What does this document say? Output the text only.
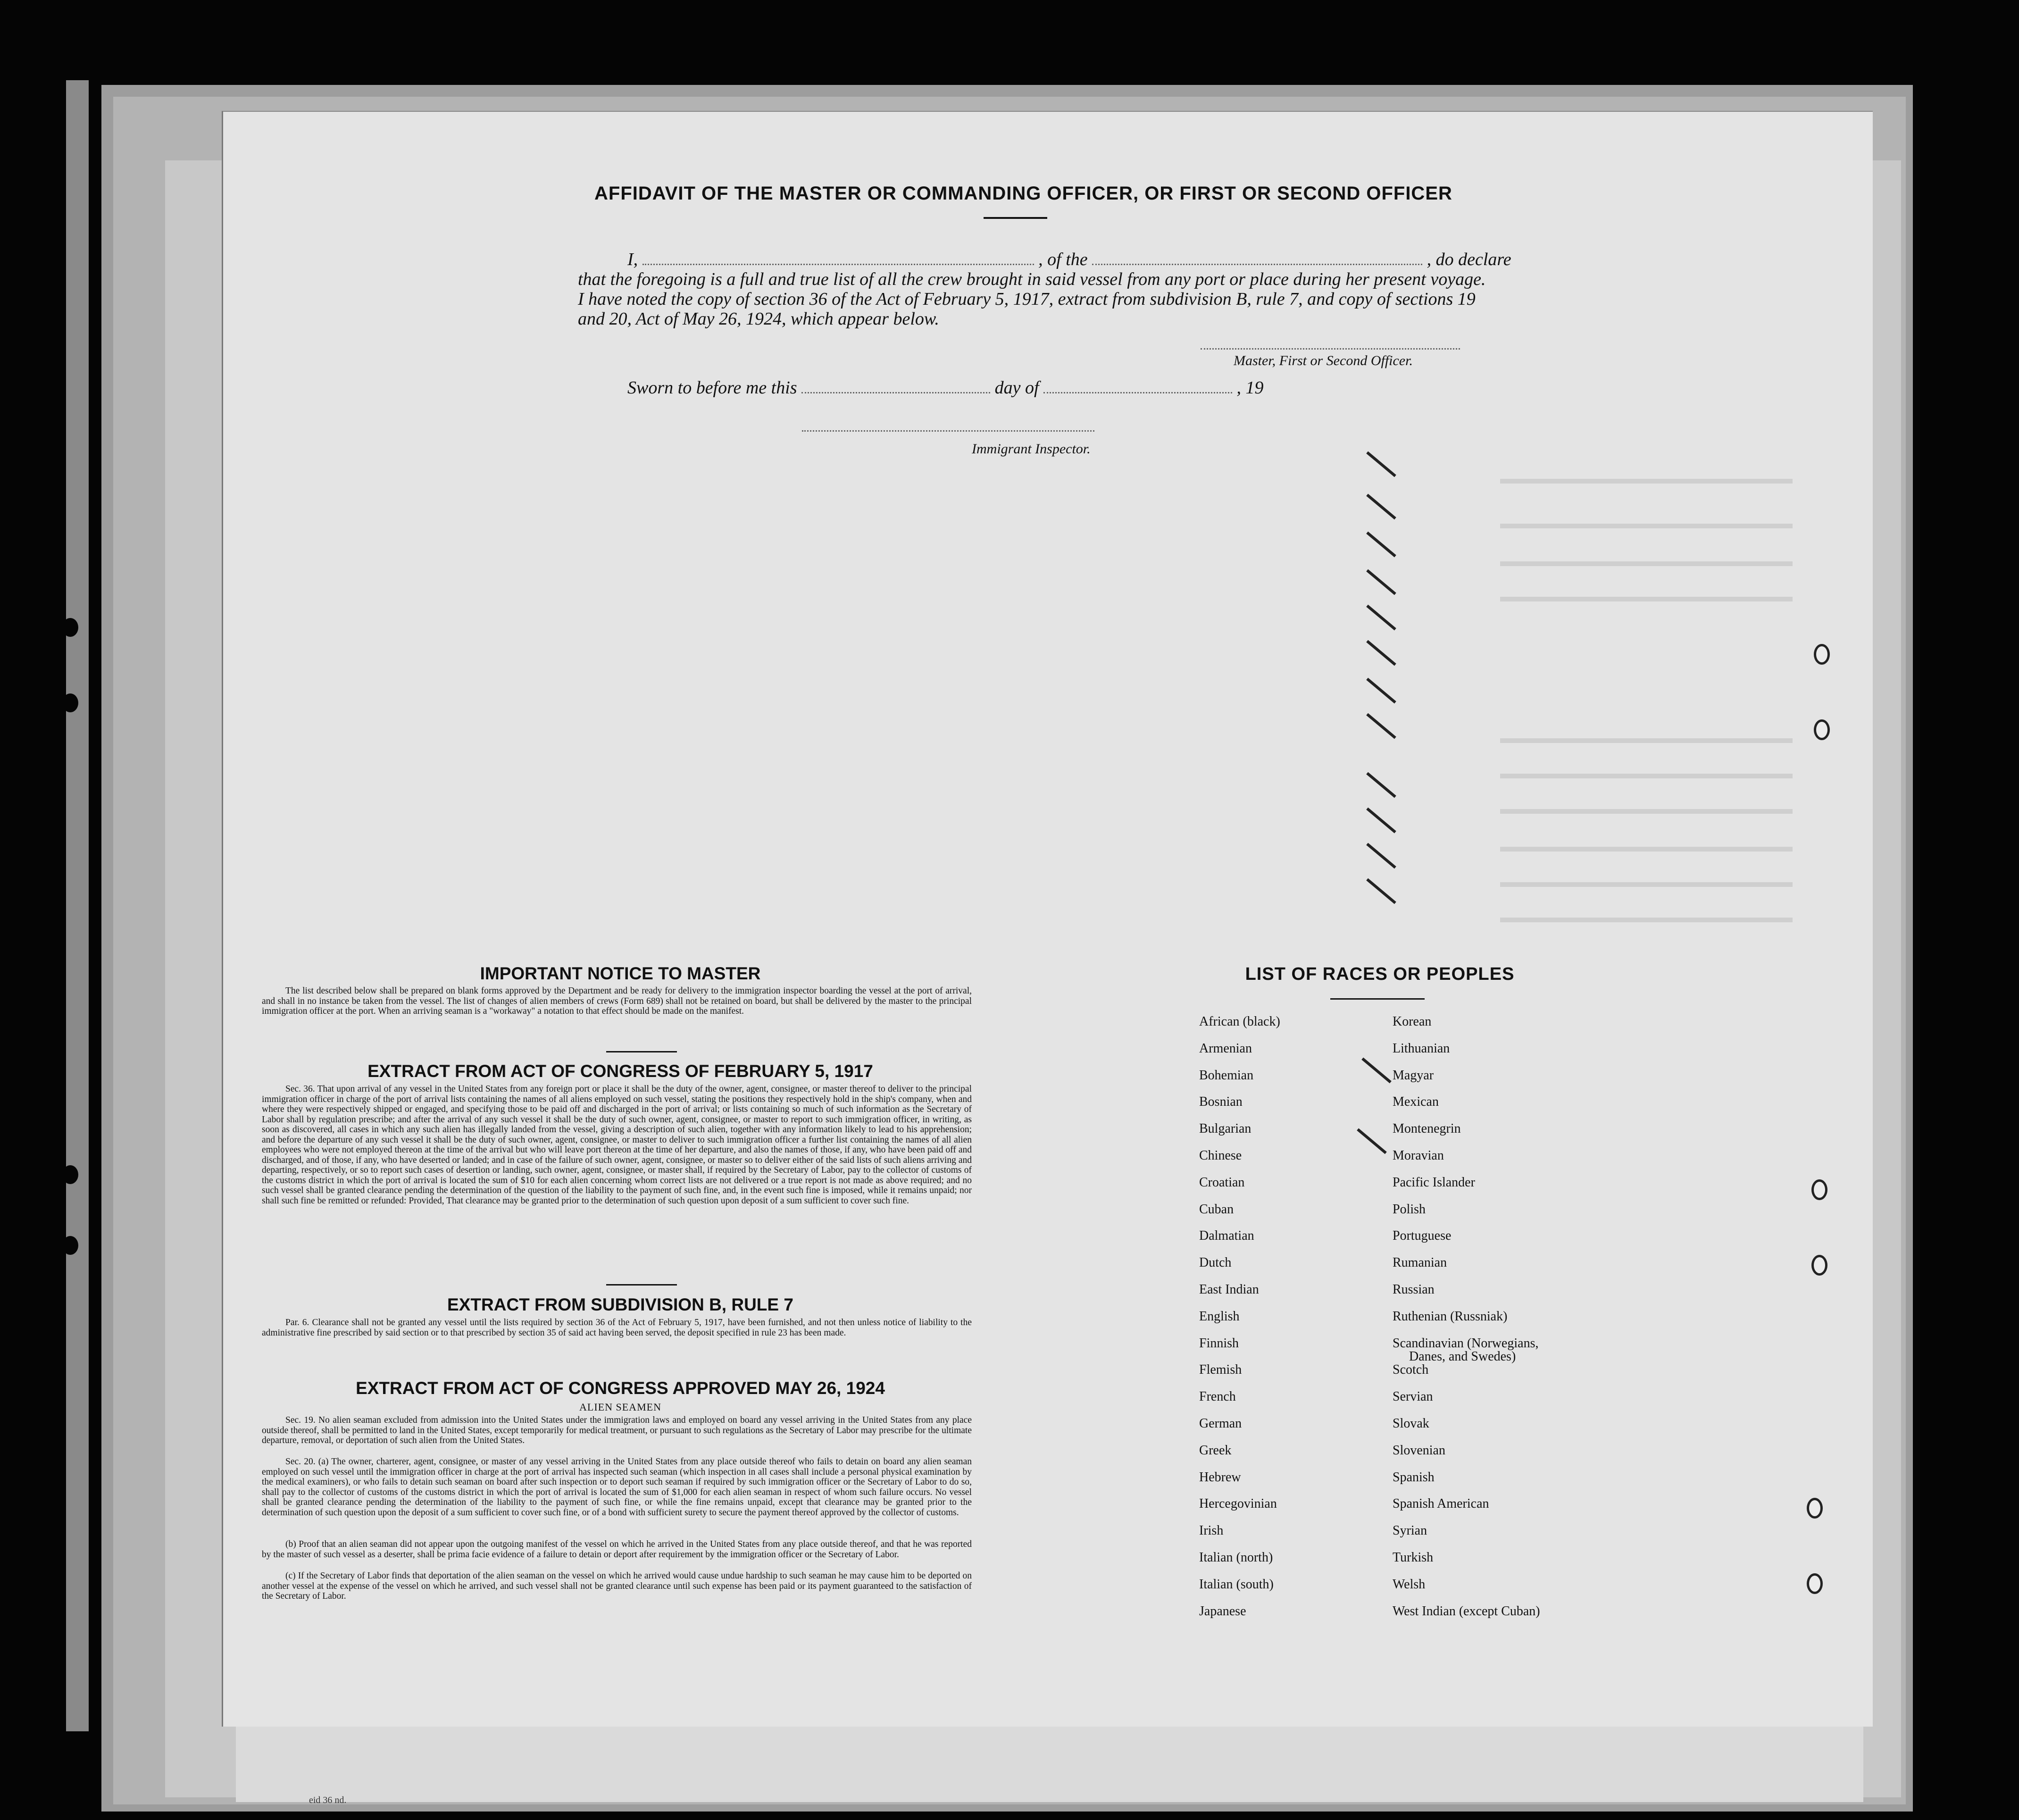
AFFIDAVIT OF THE MASTER OR COMMANDING OFFICER, OR FIRST OR SECOND OFFICER
I,	, of the	, do declare
that the foregoing is a full and true list of all the crew brought in said vessel from any port or place during her present voyage.
I have noted the copy of section 36 of the Act of February 5, 1917, extract from subdivision B, rule 7, and copy of sections 19
and 20, Act of May 26, 1924, which appear below.
Master, First or Second Officer.
Sworn to before me this	day of	, 19
Immigrant Inspector.
IMPORTANT NOTICE TO MASTER
The list described below shall be prepared on blank forms approved by the Department and be ready for delivery to the immigration inspector boarding the vessel at the port of arrival, and shall in no instance be taken from the vessel. The list of changes of alien members of crews (Form 689) shall not be retained on board, but shall be delivered by the master to the principal immigration officer at the port. When an arriving seaman is a "workaway" a notation to that effect should be made on the manifest.
EXTRACT FROM ACT OF CONGRESS OF FEBRUARY 5, 1917
Sec. 36. That upon arrival of any vessel in the United States from any foreign port or place it shall be the duty of the owner, agent, consignee, or master thereof to deliver to the principal immigration officer in charge of the port of arrival lists containing the names of all aliens employed on such vessel, stating the positions they respectively hold in the ship's company, when and where they were respectively shipped or engaged, and specifying those to be paid off and discharged in the port of arrival; or lists containing so much of such information as the Secretary of Labor shall by regulation prescribe; and after the arrival of any such vessel it shall be the duty of such owner, agent, consignee, or master to report to such immigration officer, in writing, as soon as discovered, all cases in which any such alien has illegally landed from the vessel, giving a description of such alien, together with any information likely to lead to his apprehension; and before the departure of any such vessel it shall be the duty of such owner, agent, consignee, or master to deliver to such immigration officer a further list containing the names of all alien employees who were not employed thereon at the time of the arrival but who will leave port thereon at the time of her departure, and also the names of those, if any, who have been paid off and discharged, and of those, if any, who have deserted or landed; and in case of the failure of such owner, agent, consignee, or master so to deliver either of the said lists of such aliens arriving and departing, respectively, or so to report such cases of desertion or landing, such owner, agent, consignee, or master shall, if required by the Secretary of Labor, pay to the collector of customs of the customs district in which the port of arrival is located the sum of $10 for each alien concerning whom correct lists are not delivered or a true report is not made as above required; and no such vessel shall be granted clearance pending the determination of the question of the liability to the payment of such fine, and, in the event such fine is imposed, while it remains unpaid; nor shall such fine be remitted or refunded: Provided, That clearance may be granted prior to the determination of such question upon deposit of a sum sufficient to cover such fine.
EXTRACT FROM SUBDIVISION B, RULE 7
Par. 6. Clearance shall not be granted any vessel until the lists required by section 36 of the Act of February 5, 1917, have been furnished, and not then unless notice of liability to the administrative fine prescribed by said section or to that prescribed by section 35 of said act having been served, the deposit specified in rule 23 has been made.
EXTRACT FROM ACT OF CONGRESS APPROVED MAY 26, 1924
ALIEN SEAMEN
Sec. 19. No alien seaman excluded from admission into the United States under the immigration laws and employed on board any vessel arriving in the United States from any place outside thereof, shall be permitted to land in the United States, except temporarily for medical treatment, or pursuant to such regulations as the Secretary of Labor may prescribe for the ultimate departure, removal, or deportation of such alien from the United States.
Sec. 20. (a) The owner, charterer, agent, consignee, or master of any vessel arriving in the United States from any place outside thereof who fails to detain on board any alien seaman employed on such vessel until the immigration officer in charge at the port of arrival has inspected such seaman (which inspection in all cases shall include a personal physical examination by the medical examiners), or who fails to detain such seaman on board after such inspection or to deport such seaman if required by such immigration officer or the Secretary of Labor to do so, shall pay to the collector of customs of the customs district in which the port of arrival is located the sum of $1,000 for each alien seaman in respect of whom such failure occurs. No vessel shall be granted clearance pending the determination of the liability to the payment of such fine, or while the fine remains unpaid, except that clearance may be granted prior to the determination of such question upon the deposit of a sum sufficient to cover such fine, or of a bond with sufficient surety to secure the payment thereof approved by the collector of customs.
(b) Proof that an alien seaman did not appear upon the outgoing manifest of the vessel on which he arrived in the United States from any place outside thereof, and that he was reported by the master of such vessel as a deserter, shall be prima facie evidence of a failure to detain or deport after requirement by the immigration officer or the Secretary of Labor.
(c) If the Secretary of Labor finds that deportation of the alien seaman on the vessel on which he arrived would cause undue hardship to such seaman he may cause him to be deported on another vessel at the expense of the vessel on which he arrived, and such vessel shall not be granted clearance until such expense has been paid or its payment guaranteed to the satisfaction of the Secretary of Labor.
LIST OF RACES OR PEOPLES
African (black)
Armenian
Bohemian
Bosnian
Bulgarian
Chinese
Croatian
Cuban
Dalmatian
Dutch
East Indian
English
Finnish
Flemish
French
German
Greek
Hebrew
Hercegovinian
Irish
Italian (north)
Italian (south)
Japanese
Korean
Lithuanian
Magyar
Mexican
Montenegrin
Moravian
Pacific Islander
Polish
Portuguese
Rumanian
Russian
Ruthenian (Russniak)
Scandinavian (Norwegians,
Danes, and Swedes)
Scotch
Servian
Slovak
Slovenian
Spanish
Spanish American
Syrian
Turkish
Welsh
West Indian (except Cuban)
eid 36 nd.
